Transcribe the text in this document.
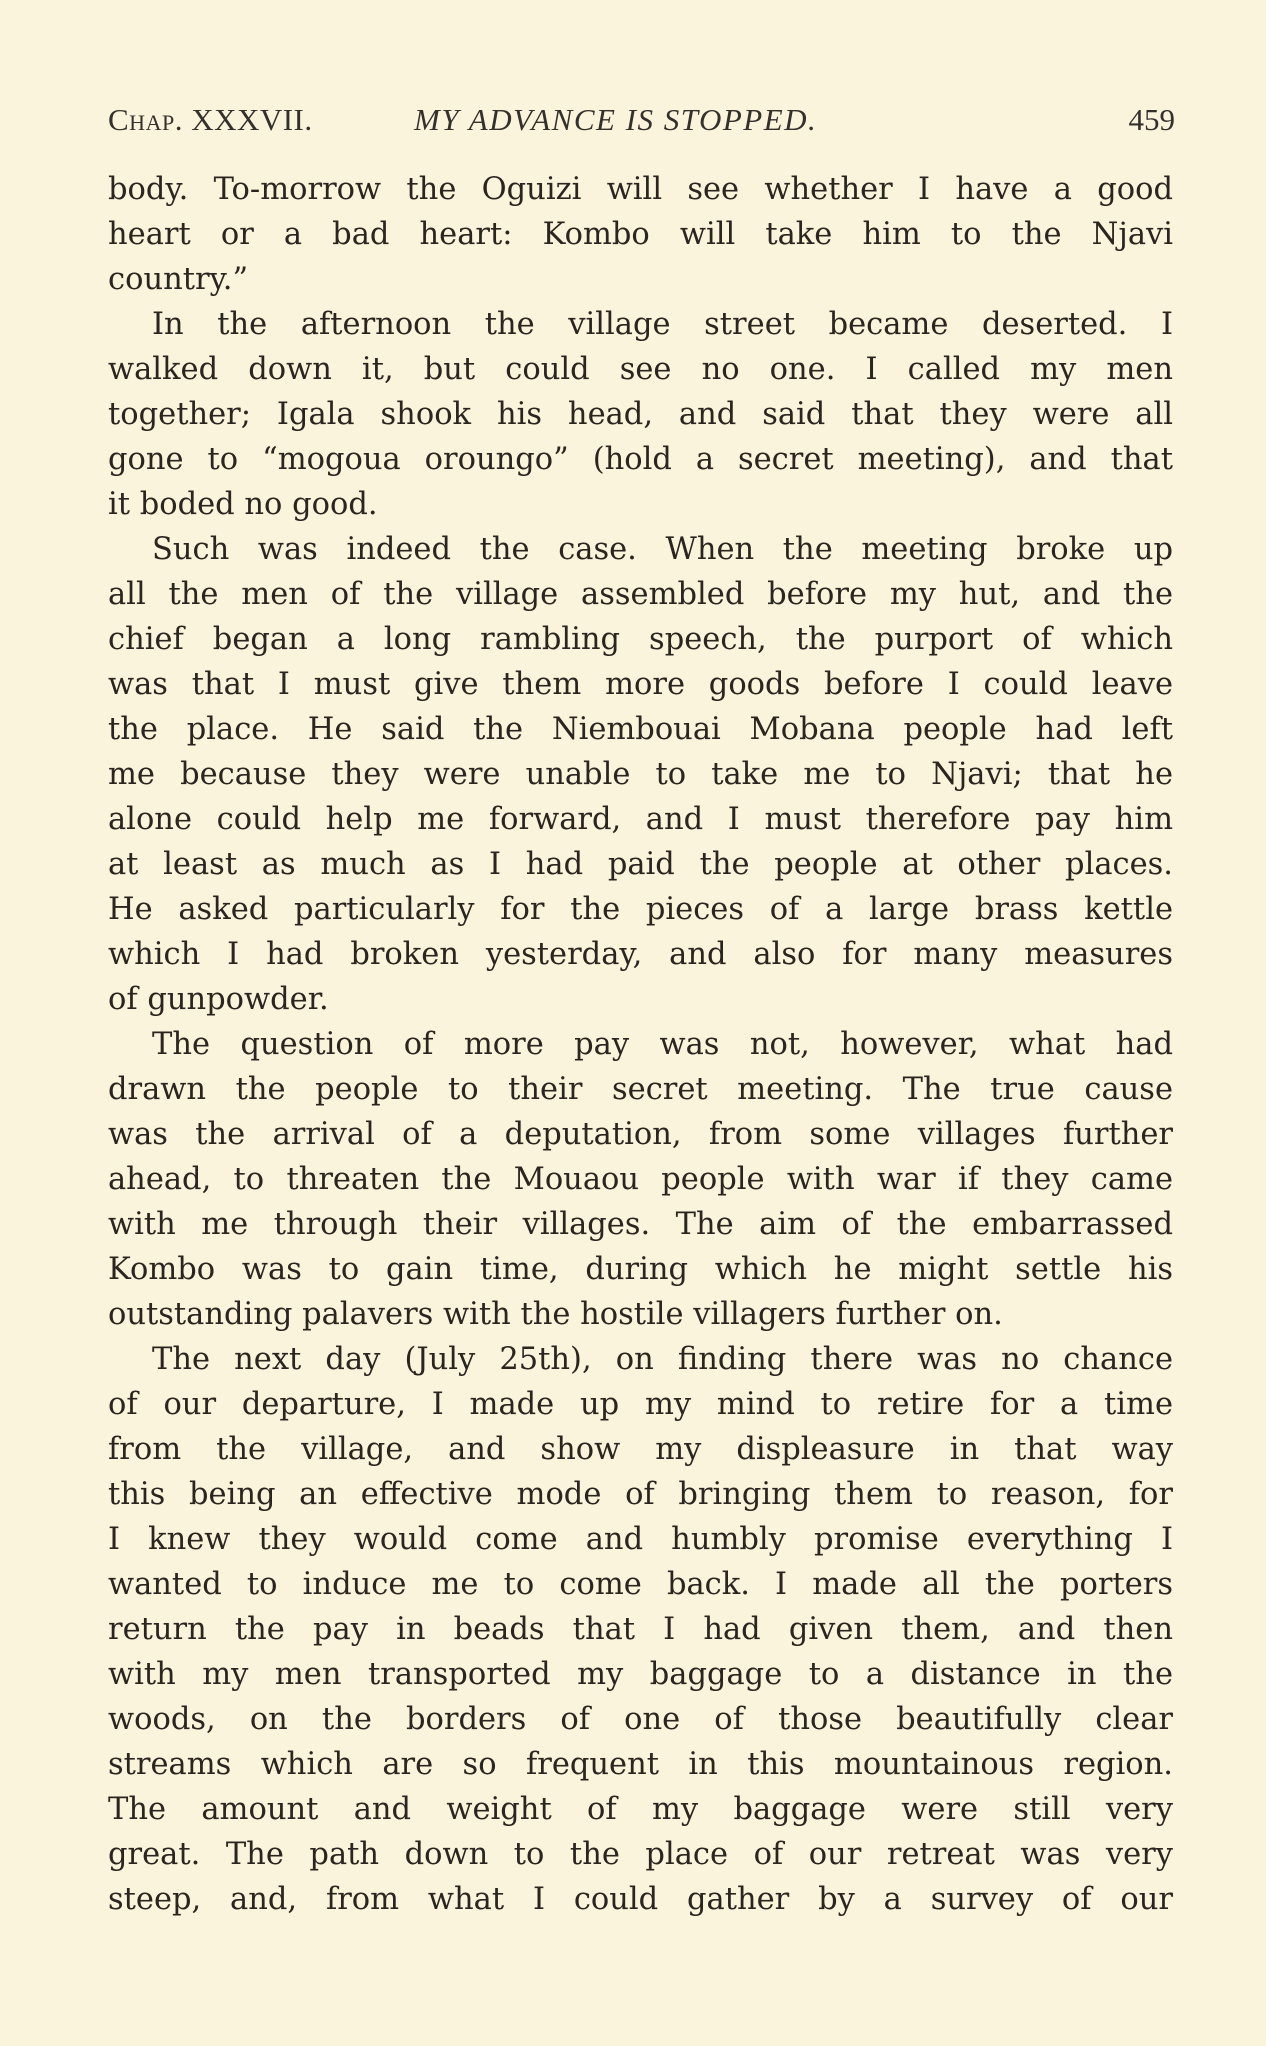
Chap. XXXVII.	MY ADVANCE IS STOPPED.	459
body. To-morrow the Oguizi will see whether I have a good
heart or a bad heart: Kombo will take him to the Njavi
country.”
In the afternoon the village street became deserted. I
walked down it, but could see no one. I called my men
together; Igala shook his head, and said that they were all
gone to “mogoua oroungo” (hold a secret meeting), and that
it boded no good.
Such was indeed the case. When the meeting broke up
all the men of the village assembled before my hut, and the
chief began a long rambling speech, the purport of which
was that I must give them more goods before I could leave
the place. He said the Niembouai Mobana people had left
me because they were unable to take me to Njavi; that he
alone could help me forward, and I must therefore pay him
at least as much as I had paid the people at other places.
He asked particularly for the pieces of a large brass kettle
which I had broken yesterday, and also for many measures
of gunpowder.
The question of more pay was not, however, what had
drawn the people to their secret meeting. The true cause
was the arrival of a deputation, from some villages further
ahead, to threaten the Mouaou people with war if they came
with me through their villages. The aim of the embarrassed
Kombo was to gain time, during which he might settle his
outstanding palavers with the hostile villagers further on.
The next day (July 25th), on finding there was no chance
of our departure, I made up my mind to retire for a time
from the village, and show my displeasure in that way
this being an effective mode of bringing them to reason, for
I knew they would come and humbly promise everything I
wanted to induce me to come back. I made all the porters
return the pay in beads that I had given them, and then
with my men transported my baggage to a distance in the
woods, on the borders of one of those beautifully clear
streams which are so frequent in this mountainous region.
The amount and weight of my baggage were still very
great. The path down to the place of our retreat was very
steep, and, from what I could gather by a survey of our
